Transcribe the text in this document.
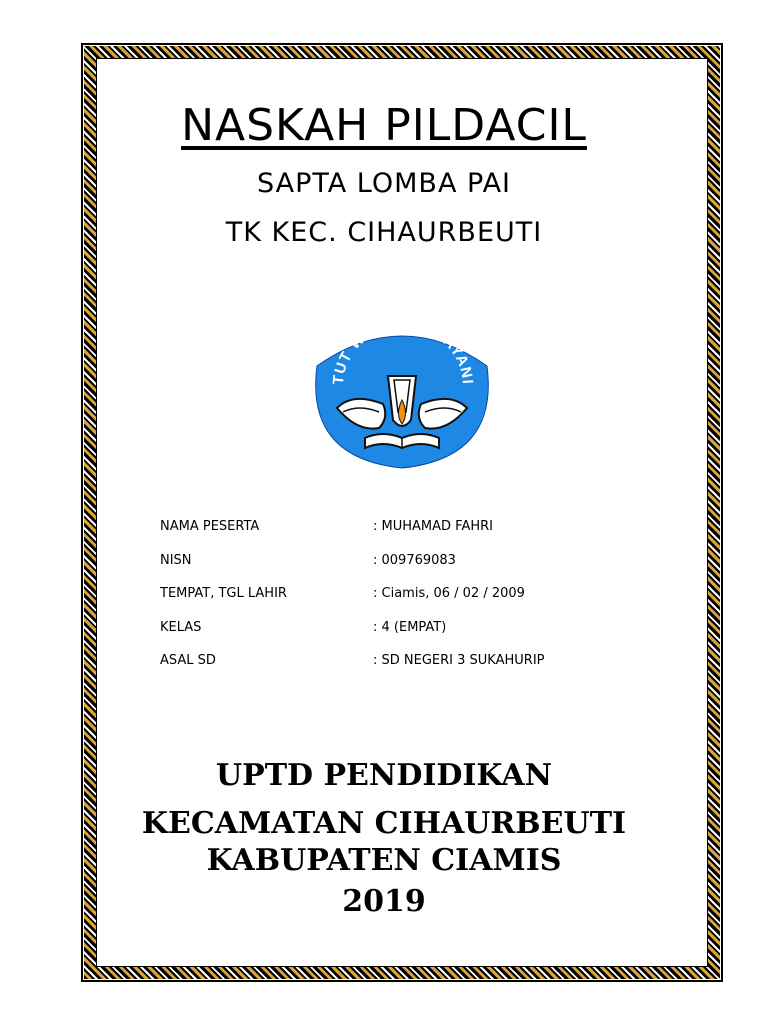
NASKAH PILDACIL
SAPTA LOMBA PAI
TK KEC. CIHAURBEUTI
TUT WURI HANDAYANI
NAMA PESERTA	: MUHAMAD FAHRI
NISN	: 009769083
TEMPAT, TGL LAHIR	: Ciamis, 06 / 02 / 2009
KELAS	: 4 (EMPAT)
ASAL SD	: SD NEGERI 3 SUKAHURIP
UPTD PENDIDIKAN
KECAMATAN CIHAURBEUTI
KABUPATEN CIAMIS
2019
